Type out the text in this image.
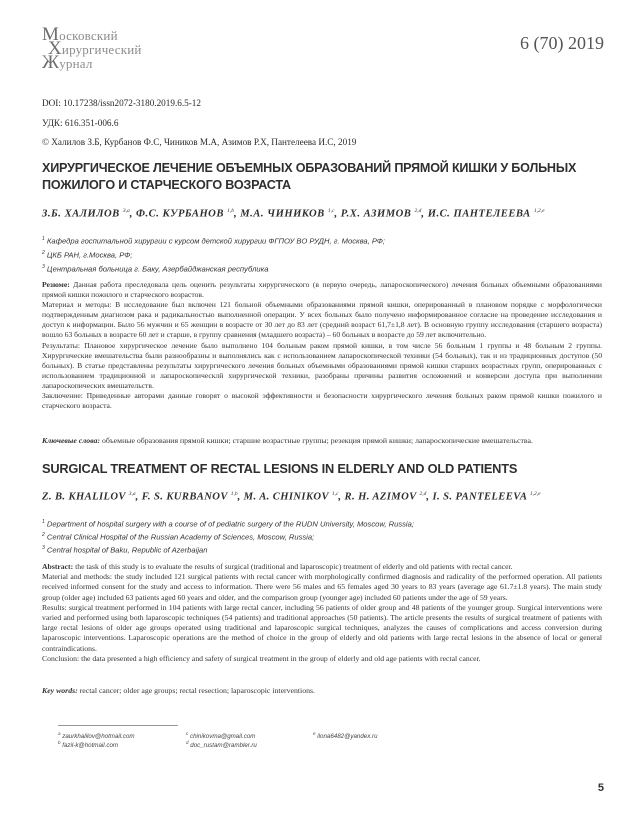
Московский
Хирургический
Журнал
6 (70) 2019
DOI: 10.17238/issn2072-3180.2019.6.5-12
УДК: 616.351-006.6
© Халилов З.Б, Курбанов Ф.С, Чиников М.А, Азимов Р.Х, Пантелеева И.С, 2019
ХИРУРГИЧЕСКОЕ ЛЕЧЕНИЕ ОБЪЕМНЫХ ОБРАЗОВАНИЙ ПРЯМОЙ КИШКИ У БОЛЬНЫХ ПОЖИЛОГО И СТАРЧЕСКОГО ВОЗРАСТА
З.Б. ХАЛИЛОВ $^{3,a}$, Ф.С. КУРБАНОВ $^{1,b}$, М.А. ЧИНИКОВ $^{1,c}$, Р.Х. АЗИМОВ $^{2,d}$, И.С. ПАНТЕЛЕЕВА $^{1,2,e}$
$^1$ Кафедра госпитальной хирургии с курсом детской хирургии ФГПОУ ВО РУДН, г. Москва, РФ;
$^2$ ЦКБ РАН, г.Москва, РФ;
$^3$ Центральная больница г. Баку, Азербайджанская республика
Резюме: Данная работа преследовала цель оценить результаты хирургического (в первую очередь, лапароскопического) лечения больных объемными образованиями прямой кишки пожилого и старческого возрастов.
Материал и методы: В исследование был включен 121 больной объемными образованиями прямой кишки, оперированный в плановом порядке с морфологически подтвержденным диагнозом рака и радикальностью выполненной операции. У всех больных было получено информированное согласие на проведение исследования и доступ к информации. Было 56 мужчин и 65 женщин в возрасте от 30 лет до 83 лет (средний возраст 61,7±1,8 лет). В основную группу исследования (старшего возраста) вошло 63 больных в возрасте 60 лет и старше, в группу сравнения (младшего возраста) – 60 больных в возрасте до 59 лет включительно.
Результаты: Плановое хирургическое лечение было выполнено 104 больным раком прямой кишки, в том числе 56 больным 1 группы и 48 больным 2 группы. Хирургические вмешательства были разнообразны и выполнялись как с использованием лапароскопической техники (54 больных), так и из традиционных доступов (50 больных). В статье представлены результаты хирургического лечения больных объемными образованиями прямой кишки старших возрастных групп, оперированных с использованием традиционной и лапароскопическлй хирургической техники, разобраны причины развития осложнений и конверсии доступа при выполнении лапароскопических вмешательств.
Заключение: Приведенные авторами данные говорят о высокой эффективности и безопасности хирургического лечения больных раком прямой кишки пожилого и старческого возраста.
Ключевые слова: объемные образования прямой кишки; старшие возрастные группы; резекция прямой кишки; лапароскопические вмешательства.
SURGICAL TREATMENT OF RECTAL LESIONS IN ELDERLY AND OLD PATIENTS
Z. B. KHALILOV $^{3,a}$, F. S. KURBANOV $^{1,b}$, M. A. CHINIKOV $^{1,c}$, R. H. AZIMOV $^{2,d}$, I. S. PANTELEEVA $^{1,2,e}$
$^1$ Department of hospital surgery with a course of of pediatric surgery of the RUDN University, Moscow, Russia;
$^2$ Central Clinical Hospital of the Russian Academy of Sciences, Moscow, Russia;
$^3$ Central hospital of Baku, Republic of Azerbaijan
Abstract: the task of this study is to evaluate the results of surgical (traditional and laparoscopic) treatment of elderly and old patients with rectal cancer.
Material and methods: the study included 121 surgical patients with rectal cancer with morphologically confirmed diagnosis and radicality of the performed operation. All patients received informed consent for the study and access to information. There were 56 males and 65 females aged 30 years to 83 years (average age 61.7±1.8 years). The main study group (older age) included 63 patients aged 60 years and older, and the comparison group (younger age) included 60 patients under the age of 59 years.
Results: surgical treatment performed in 104 patients with large rectal cancer, including 56 patients of older group and 48 patients of the younger group. Surgical interventions were varied and performed using both laparoscopic techniques (54 patients) and traditional approaches (50 patients). The article presents the results of surgical treatment of patients with large rectal lesions of older age groups operated using traditional and laparoscopic surgical techniques, analyzes the causes of complications and access conversion during laparoscopic interventions. Laparoscopic operations are the method of choice in the group of elderly and old patients with large rectal lesions in the absence of local or general contraindications.
Conclusion: the data presented a high efficiency and safety of surgical treatment in the group of elderly and old age patients with rectal cancer.
Key words: rectal cancer; older age groups; rectal resection; laparoscopic interventions.
$^a$ zaurkhalilov@hotmail.com
$^b$ fazil-k@hotmail.com
$^c$ chinikovma@gmail.com
$^d$ doc_rustam@rambler.ru
$^e$ ilona6482@yandex.ru
5
